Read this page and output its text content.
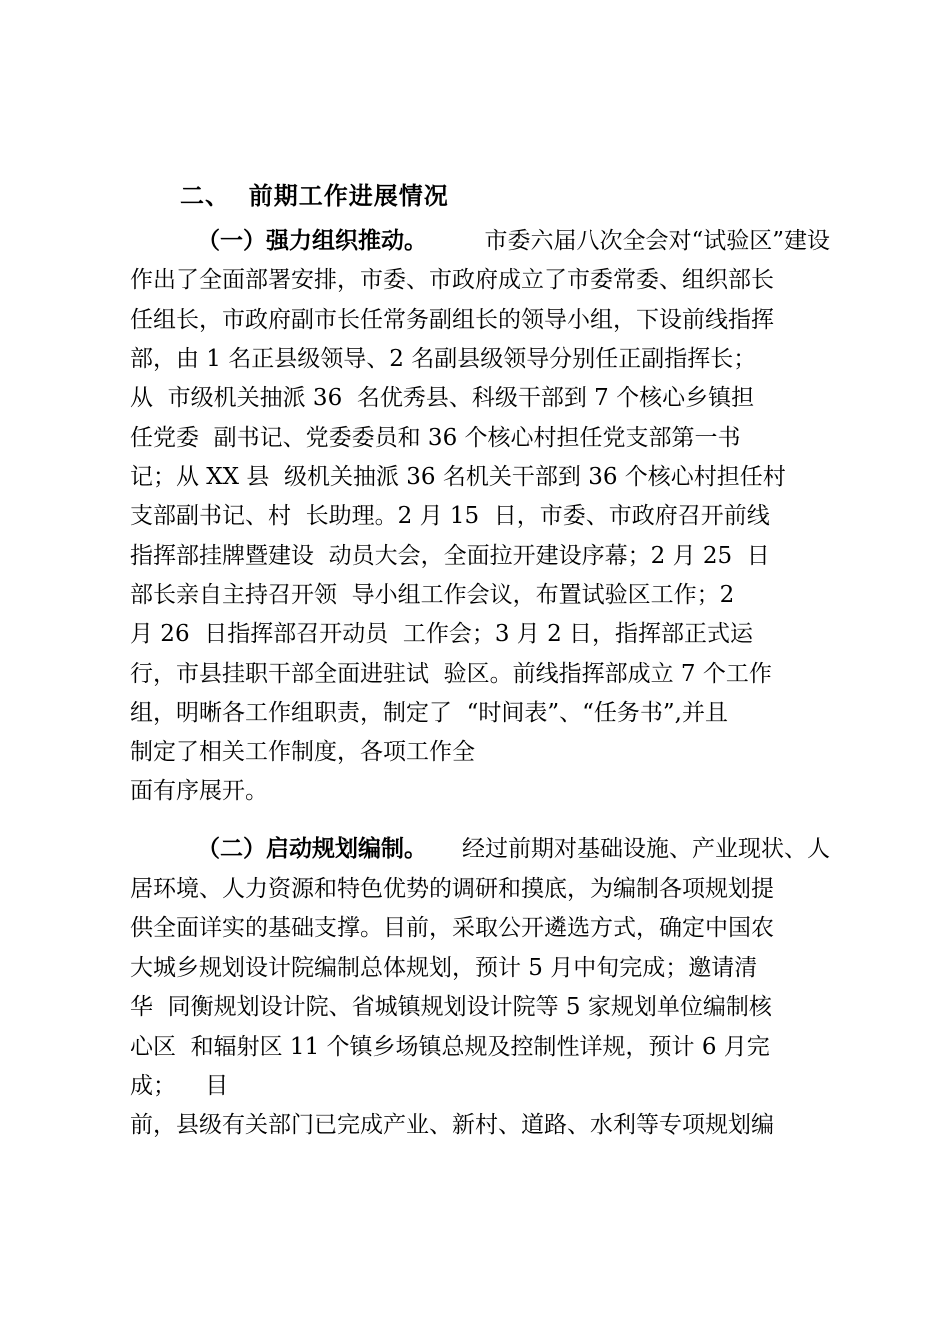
二、  前期工作进展情况
（一）强力组织推动。 市委六届八次全会对“试验区”建设
作出了全面部署安排，市委、市政府成立了市委常委、组织部长
任组长，市政府副市长任常务副组长的领导小组，下设前线指挥
部，由 1 名正县级领导、2 名副县级领导分别任正副指挥长；
从  市级机关抽派 36  名优秀县、科级干部到 7 个核心乡镇担
任党委  副书记、党委委员和 36 个核心村担任党支部第一书
记；从 XX 县  级机关抽派 36 名机关干部到 36 个核心村担任村
支部副书记、村  长助理。2 月 15  日，市委、市政府召开前线
指挥部挂牌暨建设  动员大会，全面拉开建设序幕；2 月 25  日
部长亲自主持召开领  导小组工作会议，布置试验区工作；2
月 26  日指挥部召开动员  工作会；3 月 2 日，指挥部正式运
行，市县挂职干部全面进驻试  验区。前线指挥部成立 7 个工作
组，明晰各工作组职责，制定了  “时间表”、“任务书”,并且
制定了相关工作制度，各项工作全
面有序展开。
（二）启动规划编制。 经过前期对基础设施、产业现状、人
居环境、人力资源和特色优势的调研和摸底，为编制各项规划提
供全面详实的基础支撑。目前，采取公开遴选方式，确定中国农
大城乡规划设计院编制总体规划，预计 5 月中旬完成；邀请清
华  同衡规划设计院、省城镇规划设计院等 5 家规划单位编制核
心区  和辐射区 11 个镇乡场镇总规及控制性详规，预计 6 月完
成；    目
前，县级有关部门已完成产业、新村、道路、水利等专项规划编
